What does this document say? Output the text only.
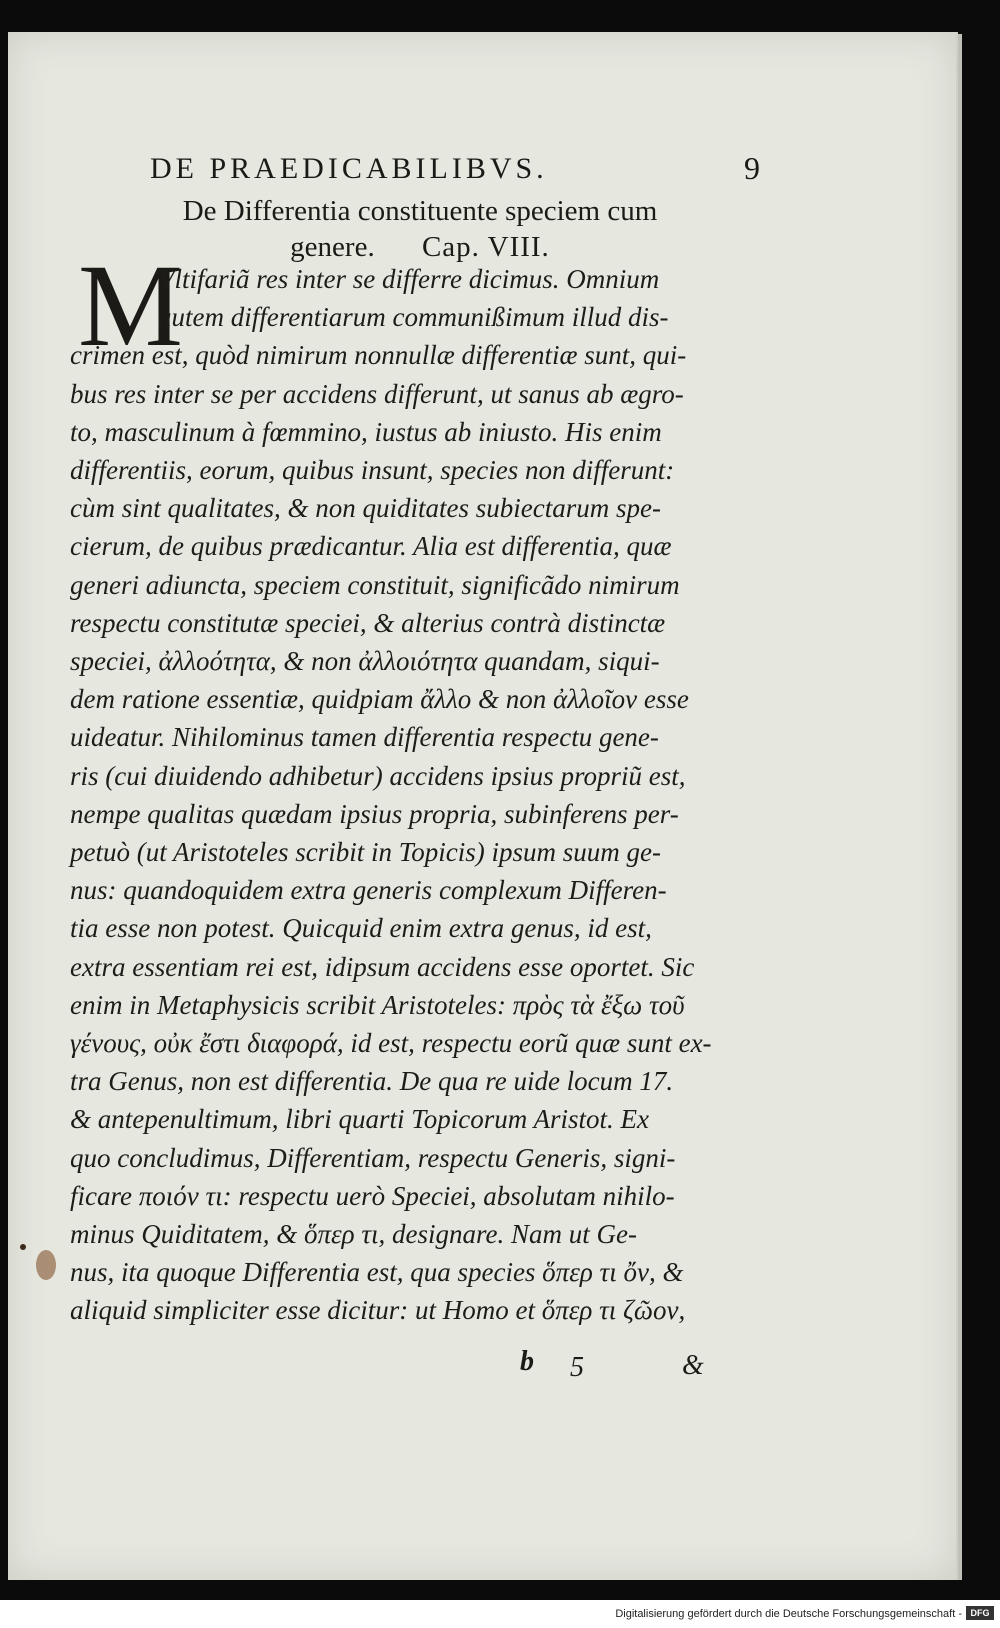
DE PRAEDICABILIBVS.	9
De Differentia constituente speciem cum
genere. Cap. VIII.
M
Vltifariã res inter se differre dicimus. Omnium
autem differentiarum communißimum illud dis-
crimen est, quòd nimirum nonnullæ differentiæ sunt, qui-
bus res inter se per accidens differunt, ut sanus ab ægro-
to, masculinum à fœmmino, iustus ab iniusto. His enim
differentiis, eorum, quibus insunt, species non differunt:
cùm sint qualitates, & non quiditates subiectarum spe-
cierum, de quibus prædicantur. Alia est differentia, quæ
generi adiuncta, speciem constituit, significãdo nimirum
respectu constitutæ speciei, & alterius contrà distinctæ
speciei, ἀλλοότητα, & non ἀλλοιότητα quandam, siqui-
dem ratione essentiæ, quidpiam ἄλλο & non ἀλλοῖον esse
uideatur. Nihilominus tamen differentia respectu gene-
ris (cui diuidendo adhibetur) accidens ipsius propriũ est,
nempe qualitas quædam ipsius propria, subinferens per-
petuò (ut Aristoteles scribit in Topicis) ipsum suum ge-
nus: quandoquidem extra generis complexum Differen-
tia esse non potest. Quicquid enim extra genus, id est,
extra essentiam rei est, idipsum accidens esse oportet. Sic
enim in Metaphysicis scribit Aristoteles: πρὸς τὰ ἔξω τοῦ
γένους, οὐκ ἔστι διαφορά, id est, respectu eorũ quæ sunt ex-
tra Genus, non est differentia. De qua re uide locum 17.
& antepenultimum, libri quarti Topicorum Aristot. Ex
quo concludimus, Differentiam, respectu Generis, signi-
ficare ποιόν τι: respectu uerò Speciei, absolutam nihilo-
minus Quiditatem, & ὅπερ τι, designare. Nam ut Ge-
nus, ita quoque Differentia est, qua species ὅπερ τι ὄν, &
aliquid simpliciter esse dicitur: ut Homo et ὅπερ τι ζῶον,
b 5	&
Digitalisierung gefördert durch die Deutsche Forschungsgemeinschaft - DFG
